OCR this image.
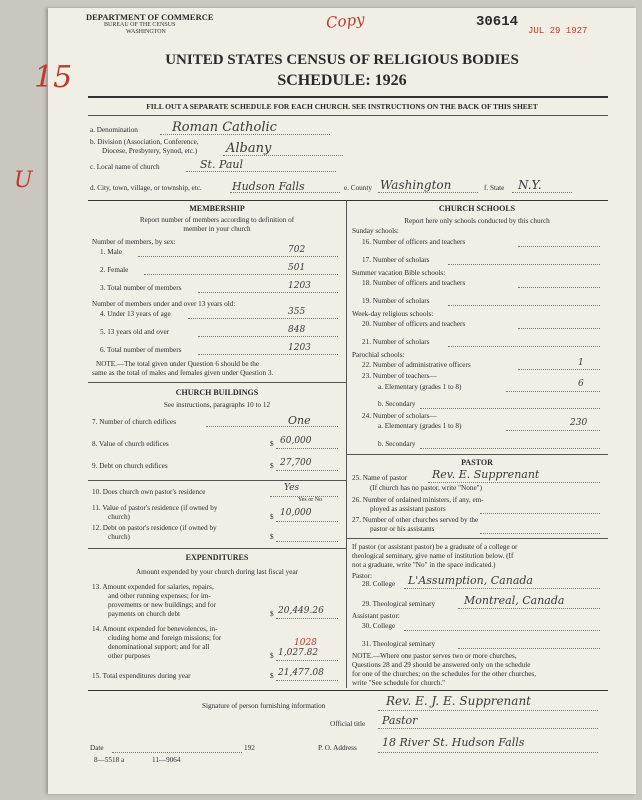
DEPARTMENT OF COMMERCE
BUREAU OF THE CENSUS
WASHINGTON
Copy	30614
JUL 29 1927
15
U
UNITED STATES CENSUS OF RELIGIOUS BODIES
SCHEDULE: 1926
FILL OUT A SEPARATE SCHEDULE FOR EACH CHURCH. SEE INSTRUCTIONS ON THE BACK OF THIS SHEET
a. Denomination	Roman Catholic
b. Division (Association, Conference,
Diocese, Presbytery, Synod, etc.) Albany
c. Local name of church	St. Paul
d. City, town, village, or township, etc.	Hudson Falls	e. County Washington	f. State N.Y.
MEMBERSHIP
Report number of members according to definition of
member in your church
Number of members, by sex:
1. Male	702
2. Female	501
3. Total number of members	1203
Number of members under and over 13 years old:
4. Under 13 years of age	355
5. 13 years old and over	848
6. Total number of members	1203
NOTE.—The total given under Question 6 should be the
same as the total of males and females given under Question 3.
CHURCH BUILDINGS
See instructions, paragraphs 10 to 12
7. Number of church edifices	One
8. Value of church edifices	$ 60,000
9. Debt on church edifices	$ 27,700
10. Does church own pastor's residence	Yes
Yes or No
11. Value of pastor's residence (if owned by
church)	$ 10,000
12. Debt on pastor's residence (if owned by
church)	$
EXPENDITURES
Amount expended by your church during last fiscal year
13. Amount expended for salaries, repairs,
and other running expenses; for im-
provements or new buildings; and for
payments on church debt	$ 20,449.26
14. Amount expended for benevolences, in-
cluding home and foreign missions; for
denominational support; and for all
other purposes
1028
$ 1,027.82
15. Total expenditures during year	$ 21,477.08
CHURCH SCHOOLS
Report here only schools conducted by this church
Sunday schools:
16. Number of officers and teachers
17. Number of scholars
Summer vacation Bible schools:
18. Number of officers and teachers
19. Number of scholars
Week-day religious schools:
20. Number of officers and teachers
21. Number of scholars
Parochial schools:
22. Number of administrative officers	1
23. Number of teachers—
a. Elementary (grades 1 to 8)	6
b. Secondary
24. Number of scholars—
a. Elementary (grades 1 to 8)	230
b. Secondary
PASTOR
25. Name of pastor Rev. E. Supprenant
(If church has no pastor, write "None")
26. Number of ordained ministers, if any, em-
ployed as assistant pastors
27. Number of other churches served by the
pastor or his assistants
If pastor (or assistant pastor) be a graduate of a college or
theological seminary, give name of institution below. (If
not a graduate, write "No" in the space indicated.)
Pastor:
28. College L'Assumption, Canada
29. Theological seminary	Montreal, Canada
Assistant pastor:
30. College
31. Theological seminary
NOTE.—Where one pastor serves two or more churches,
Questions 28 and 29 should be answered only on the schedule
for one of the churches; on the schedules for the other churches,
write "See schedule for church."
Signature of person furnishing information	Rev. E. J. E. Supprenant
Official title Pastor
Date	192	P. O. Address 18 River St. Hudson Falls
8—5518 a	11—9064
